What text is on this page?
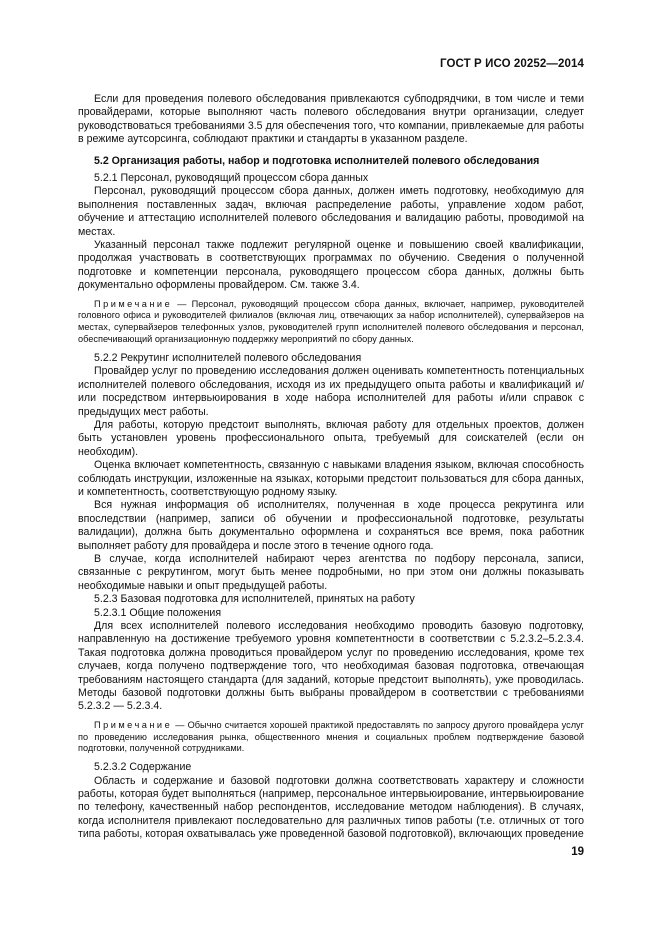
ГОСТ Р ИСО 20252—2014

Если для проведения полевого обследования привлекаются субподрядчики, в том числе и теми провайдерами, которые выполняют часть полевого обследования внутри организации, следует руководствоваться требованиями 3.5 для обеспечения того, что компании, привлекаемые для работы в режиме аутсорсинга, соблюдают практики и стандарты в указанном разделе.

5.2 Организация работы, набор и подготовка исполнителей полевого обследования

5.2.1 Персонал, руководящий процессом сбора данных

Персонал, руководящий процессом сбора данных, должен иметь подготовку, необходимую для выполнения поставленных задач, включая распределение работы, управление ходом работ, обучение и аттестацию исполнителей полевого обследования и валидацию работы, проводимой на местах.

Указанный персонал также подлежит регулярной оценке и повышению своей квалификации, продолжая участвовать в соответствующих программах по обучению. Сведения о полученной подготовке и компетенции персонала, руководящего процессом сбора данных, должны быть документально оформлены провайдером. См. также 3.4.

Примечание — Персонал, руководящий процессом сбора данных, включает, например, руководителей головного офиса и руководителей филиалов (включая лиц, отвечающих за набор исполнителей), супервайзеров на местах, супервайзеров телефонных узлов, руководителей групп исполнителей полевого обследования и персонал, обеспечивающий организационную поддержку мероприятий по сбору данных.

5.2.2 Рекрутинг исполнителей полевого обследования

Провайдер услуг по проведению исследования должен оценивать компетентность потенциальных исполнителей полевого обследования, исходя из их предыдущего опыта работы и квалификаций и/или посредством интервьюирования в ходе набора исполнителей для работы и/или справок с предыдущих мест работы.

Для работы, которую предстоит выполнять, включая работу для отдельных проектов, должен быть установлен уровень профессионального опыта, требуемый для соискателей (если он необходим).

Оценка включает компетентность, связанную с навыками владения языком, включая способность соблюдать инструкции, изложенные на языках, которыми предстоит пользоваться для сбора данных, и компетентность, соответствующую родному языку.

Вся нужная информация об исполнителях, полученная в ходе процесса рекрутинга или впоследствии (например, записи об обучении и профессиональной подготовке, результаты валидации), должна быть документально оформлена и сохраняться все время, пока работник выполняет работу для провайдера и после этого в течение одного года.

В случае, когда исполнителей набирают через агентства по подбору персонала, записи, связанные с рекрутингом, могут быть менее подробными, но при этом они должны показывать необходимые навыки и опыт предыдущей работы.

5.2.3 Базовая подготовка для исполнителей, принятых на работу

5.2.3.1 Общие положения

Для всех исполнителей полевого исследования необходимо проводить базовую подготовку, направленную на достижение требуемого уровня компетентности в соответствии с 5.2.3.2–5.2.3.4. Такая подготовка должна проводиться провайдером услуг по проведению исследования, кроме тех случаев, когда получено подтверждение того, что необходимая базовая подготовка, отвечающая требованиям настоящего стандарта (для заданий, которые предстоит выполнять), уже проводилась. Методы базовой подготовки должны быть выбраны провайдером в соответствии с требованиями 5.2.3.2 — 5.2.3.4.

Примечание — Обычно считается хорошей практикой предоставлять по запросу другого провайдера услуг по проведению исследования рынка, общественного мнения и социальных проблем подтверждение базовой подготовки, полученной сотрудниками.

5.2.3.2 Содержание

Область и содержание и базовой подготовки должна соответствовать характеру и сложности работы, которая будет выполняться (например, персональное интервьюирование, интервьюирование по телефону, качественный набор респондентов, исследование методом наблюдения). В случаях, когда исполнителя привлекают последовательно для различных типов работы (т.е. отличных от того типа работы, которая охватывалась уже проведенной базовой подготовкой), включающих проведение

19
